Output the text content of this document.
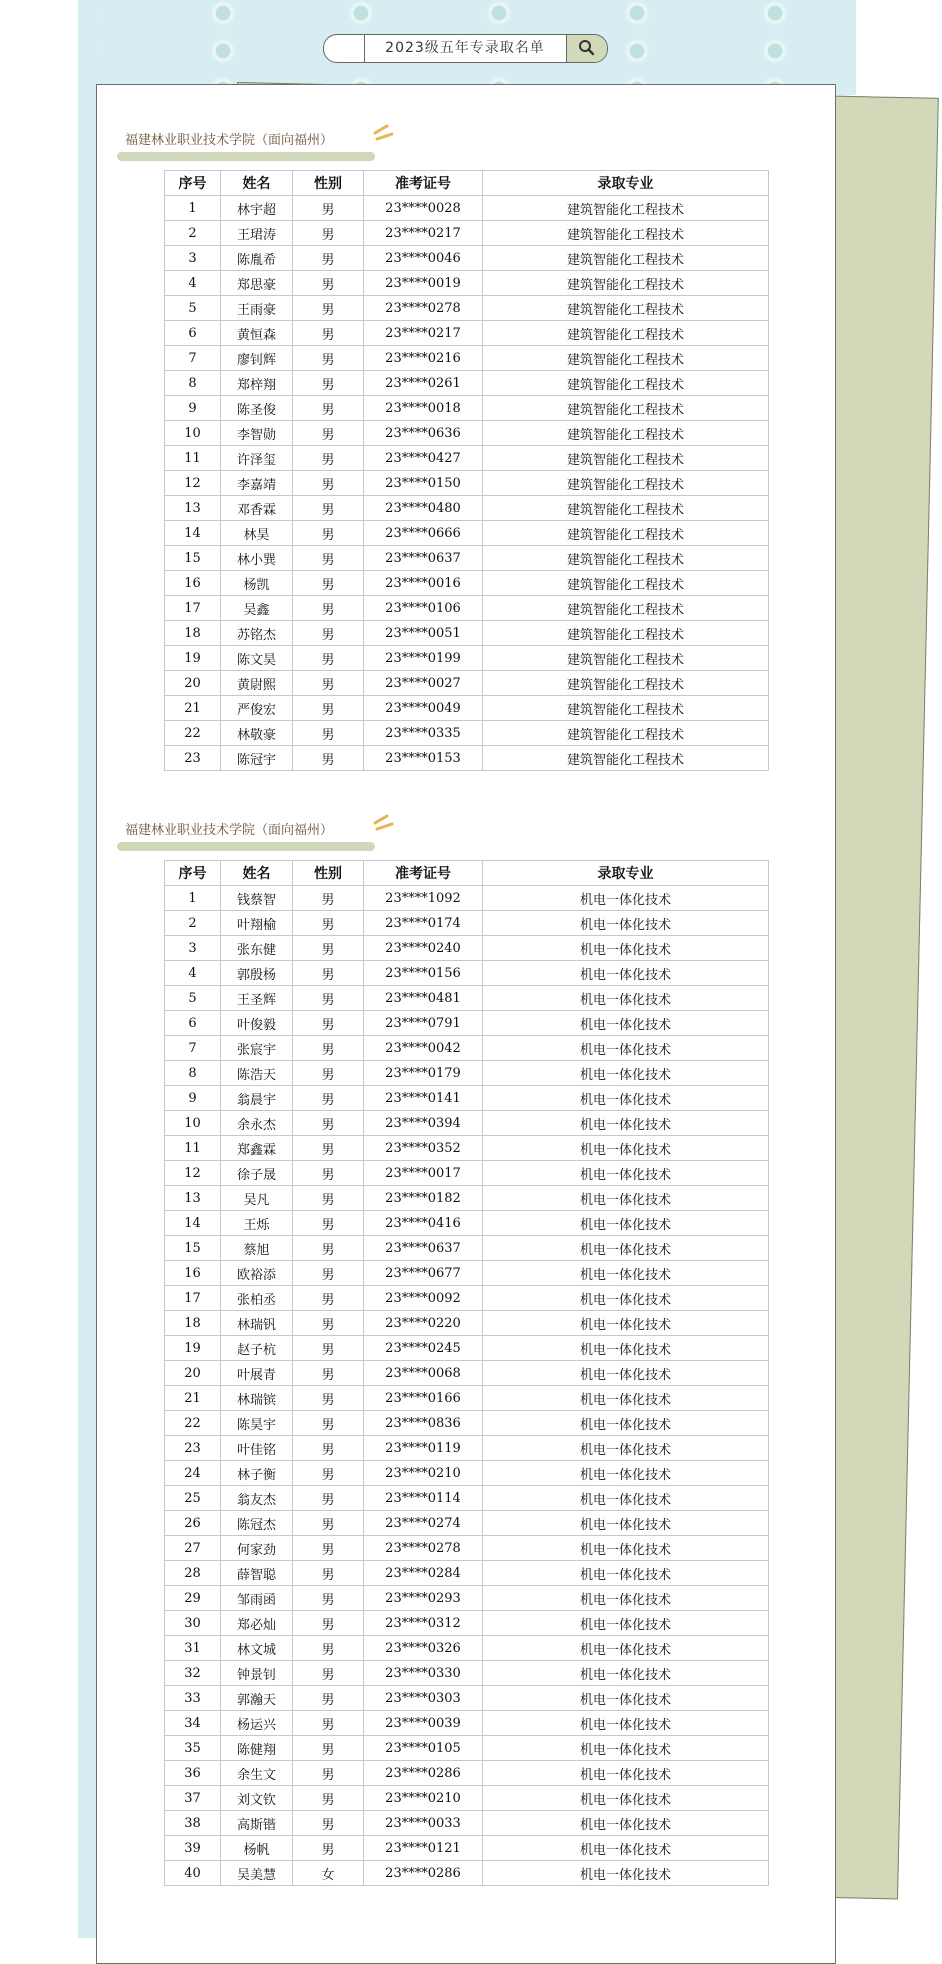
2023级五年专录取名单
福建林业职业技术学院（面向福州）
序号	姓名	性别	准考证号	录取专业
1	林宇超	男	23****0028	建筑智能化工程技术
2	王珺涛	男	23****0217	建筑智能化工程技术
3	陈胤希	男	23****0046	建筑智能化工程技术
4	郑思豪	男	23****0019	建筑智能化工程技术
5	王雨豪	男	23****0278	建筑智能化工程技术
6	黄恒森	男	23****0217	建筑智能化工程技术
7	廖钊辉	男	23****0216	建筑智能化工程技术
8	郑梓翔	男	23****0261	建筑智能化工程技术
9	陈圣俊	男	23****0018	建筑智能化工程技术
10	李智勋	男	23****0636	建筑智能化工程技术
11	许泽玺	男	23****0427	建筑智能化工程技术
12	李嘉靖	男	23****0150	建筑智能化工程技术
13	邓香霖	男	23****0480	建筑智能化工程技术
14	林昊	男	23****0666	建筑智能化工程技术
15	林小巽	男	23****0637	建筑智能化工程技术
16	杨凯	男	23****0016	建筑智能化工程技术
17	吴鑫	男	23****0106	建筑智能化工程技术
18	苏铭杰	男	23****0051	建筑智能化工程技术
19	陈文昊	男	23****0199	建筑智能化工程技术
20	黄尉熙	男	23****0027	建筑智能化工程技术
21	严俊宏	男	23****0049	建筑智能化工程技术
22	林敬豪	男	23****0335	建筑智能化工程技术
23	陈冠宇	男	23****0153	建筑智能化工程技术
福建林业职业技术学院（面向福州）
序号	姓名	性别	准考证号	录取专业
1	钱蔡智	男	23****1092	机电一体化技术
2	叶翔榆	男	23****0174	机电一体化技术
3	张东健	男	23****0240	机电一体化技术
4	郭殷杨	男	23****0156	机电一体化技术
5	王圣辉	男	23****0481	机电一体化技术
6	叶俊毅	男	23****0791	机电一体化技术
7	张宸宇	男	23****0042	机电一体化技术
8	陈浩天	男	23****0179	机电一体化技术
9	翁晨宇	男	23****0141	机电一体化技术
10	余永杰	男	23****0394	机电一体化技术
11	郑鑫霖	男	23****0352	机电一体化技术
12	徐子晟	男	23****0017	机电一体化技术
13	吴凡	男	23****0182	机电一体化技术
14	王烁	男	23****0416	机电一体化技术
15	蔡旭	男	23****0637	机电一体化技术
16	欧裕添	男	23****0677	机电一体化技术
17	张柏丞	男	23****0092	机电一体化技术
18	林瑞钒	男	23****0220	机电一体化技术
19	赵子杭	男	23****0245	机电一体化技术
20	叶展青	男	23****0068	机电一体化技术
21	林瑞镔	男	23****0166	机电一体化技术
22	陈昊宇	男	23****0836	机电一体化技术
23	叶佳铭	男	23****0119	机电一体化技术
24	林子衡	男	23****0210	机电一体化技术
25	翁友杰	男	23****0114	机电一体化技术
26	陈冠杰	男	23****0274	机电一体化技术
27	何家劲	男	23****0278	机电一体化技术
28	薛智聪	男	23****0284	机电一体化技术
29	邹雨函	男	23****0293	机电一体化技术
30	郑必灿	男	23****0312	机电一体化技术
31	林文城	男	23****0326	机电一体化技术
32	钟景钊	男	23****0330	机电一体化技术
33	郭瀚天	男	23****0303	机电一体化技术
34	杨运兴	男	23****0039	机电一体化技术
35	陈健翔	男	23****0105	机电一体化技术
36	余生文	男	23****0286	机电一体化技术
37	刘文钦	男	23****0210	机电一体化技术
38	高斯锴	男	23****0033	机电一体化技术
39	杨帆	男	23****0121	机电一体化技术
40	吴美慧	女	23****0286	机电一体化技术
